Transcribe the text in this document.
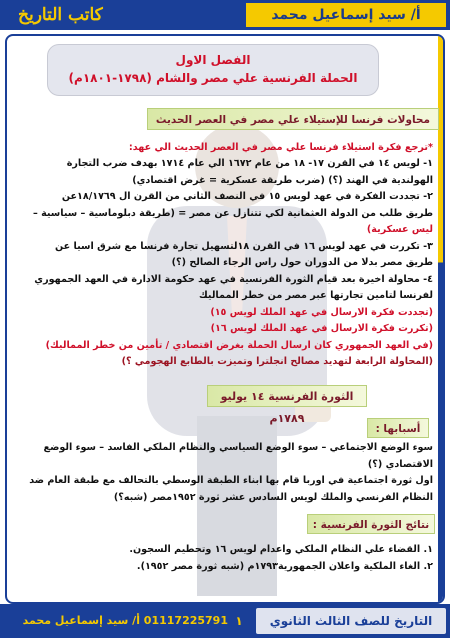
كاتب التاريخ	أ/ سيد إسماعيل محمد
الفصل الاول
الحملة الفرنسية علي مصر والشام (١٧٩٨-١٨٠١م)
محاولات فرنسا للإستيلاء علي مصر في العصر الحديث
*ترجع فكرة استيلاء فرنسا علي مصر في العصر الحديث الي عهد:
١- لويس ١٤ في القرن ١٧- ١٨ من عام ١٦٧٢ الي عام ١٧١٤ بهدف ضرب التجارة
الهولندية في الهند (؟) (ضرب طريقة عسكرية = غرض اقتصادي)
٢- تجددت الفكرة في عهد لويس ١٥ في النصف الثاني من القرن ال ١٨/١٧٦٩عن
طريق طلب من الدولة العثمانية لكي تتنازل عن مصر = (طريقة دبلوماسية – سياسية –
ليس عسكرية)
٣- تكررت في عهد لويس ١٦ في القرن ١٨لتسهيل تجارة فرنسا مع شرق اسيا عن
طريق مصر بدلا من الدوران حول راس الرجاء الصالح (؟)
٤- محاولة اخيرة بعد قيام الثورة الفرنسية في عهد حكومة الادارة في العهد الجمهوري
لفرنسا لتامين تجارتها عبر مصر من خطر المماليك
(تجددت فكرة الارسال في عهد الملك لويس ١٥)
(تكررت فكرة الارسال في عهد الملك لويس ١٦)
(في العهد الجمهوري كان ارسال الحملة بغرض اقتصادي / تأمين من خطر المماليك)
(المحاولة الرابعة لتهديد مصالح انجلترا وتميزت بالطابع الهجومي ؟)
الثورة الفرنسية ١٤ يوليو ١٧٨٩م
أسبابها :
سوء الوضع الاجتماعي – سوء الوضع السياسي والنظام الملكي الفاسد – سوء الوضع
الاقتصادي (؟)
اول ثورة اجتماعية في اوربا قام بها ابناء الطبقة الوسطي بالتحالف مع طبقة العام ضد
النظام الفرنسي والملك لويس السادس عشر ثورة ١٩٥٢مصر (شبه؟)
نتائج الثورة الفرنسية :
١. القضاء علي النظام الملكي واعدام لويس ١٦ وتحطيم السجون.
٢. الغاء الملكية واعلان الجمهورية١٧٩٣م (شبه ثورة مصر ١٩٥٢).
01117225791 أ/ سيد إسماعيل محمد ١	التاريخ للصف الثالث الثانوي
